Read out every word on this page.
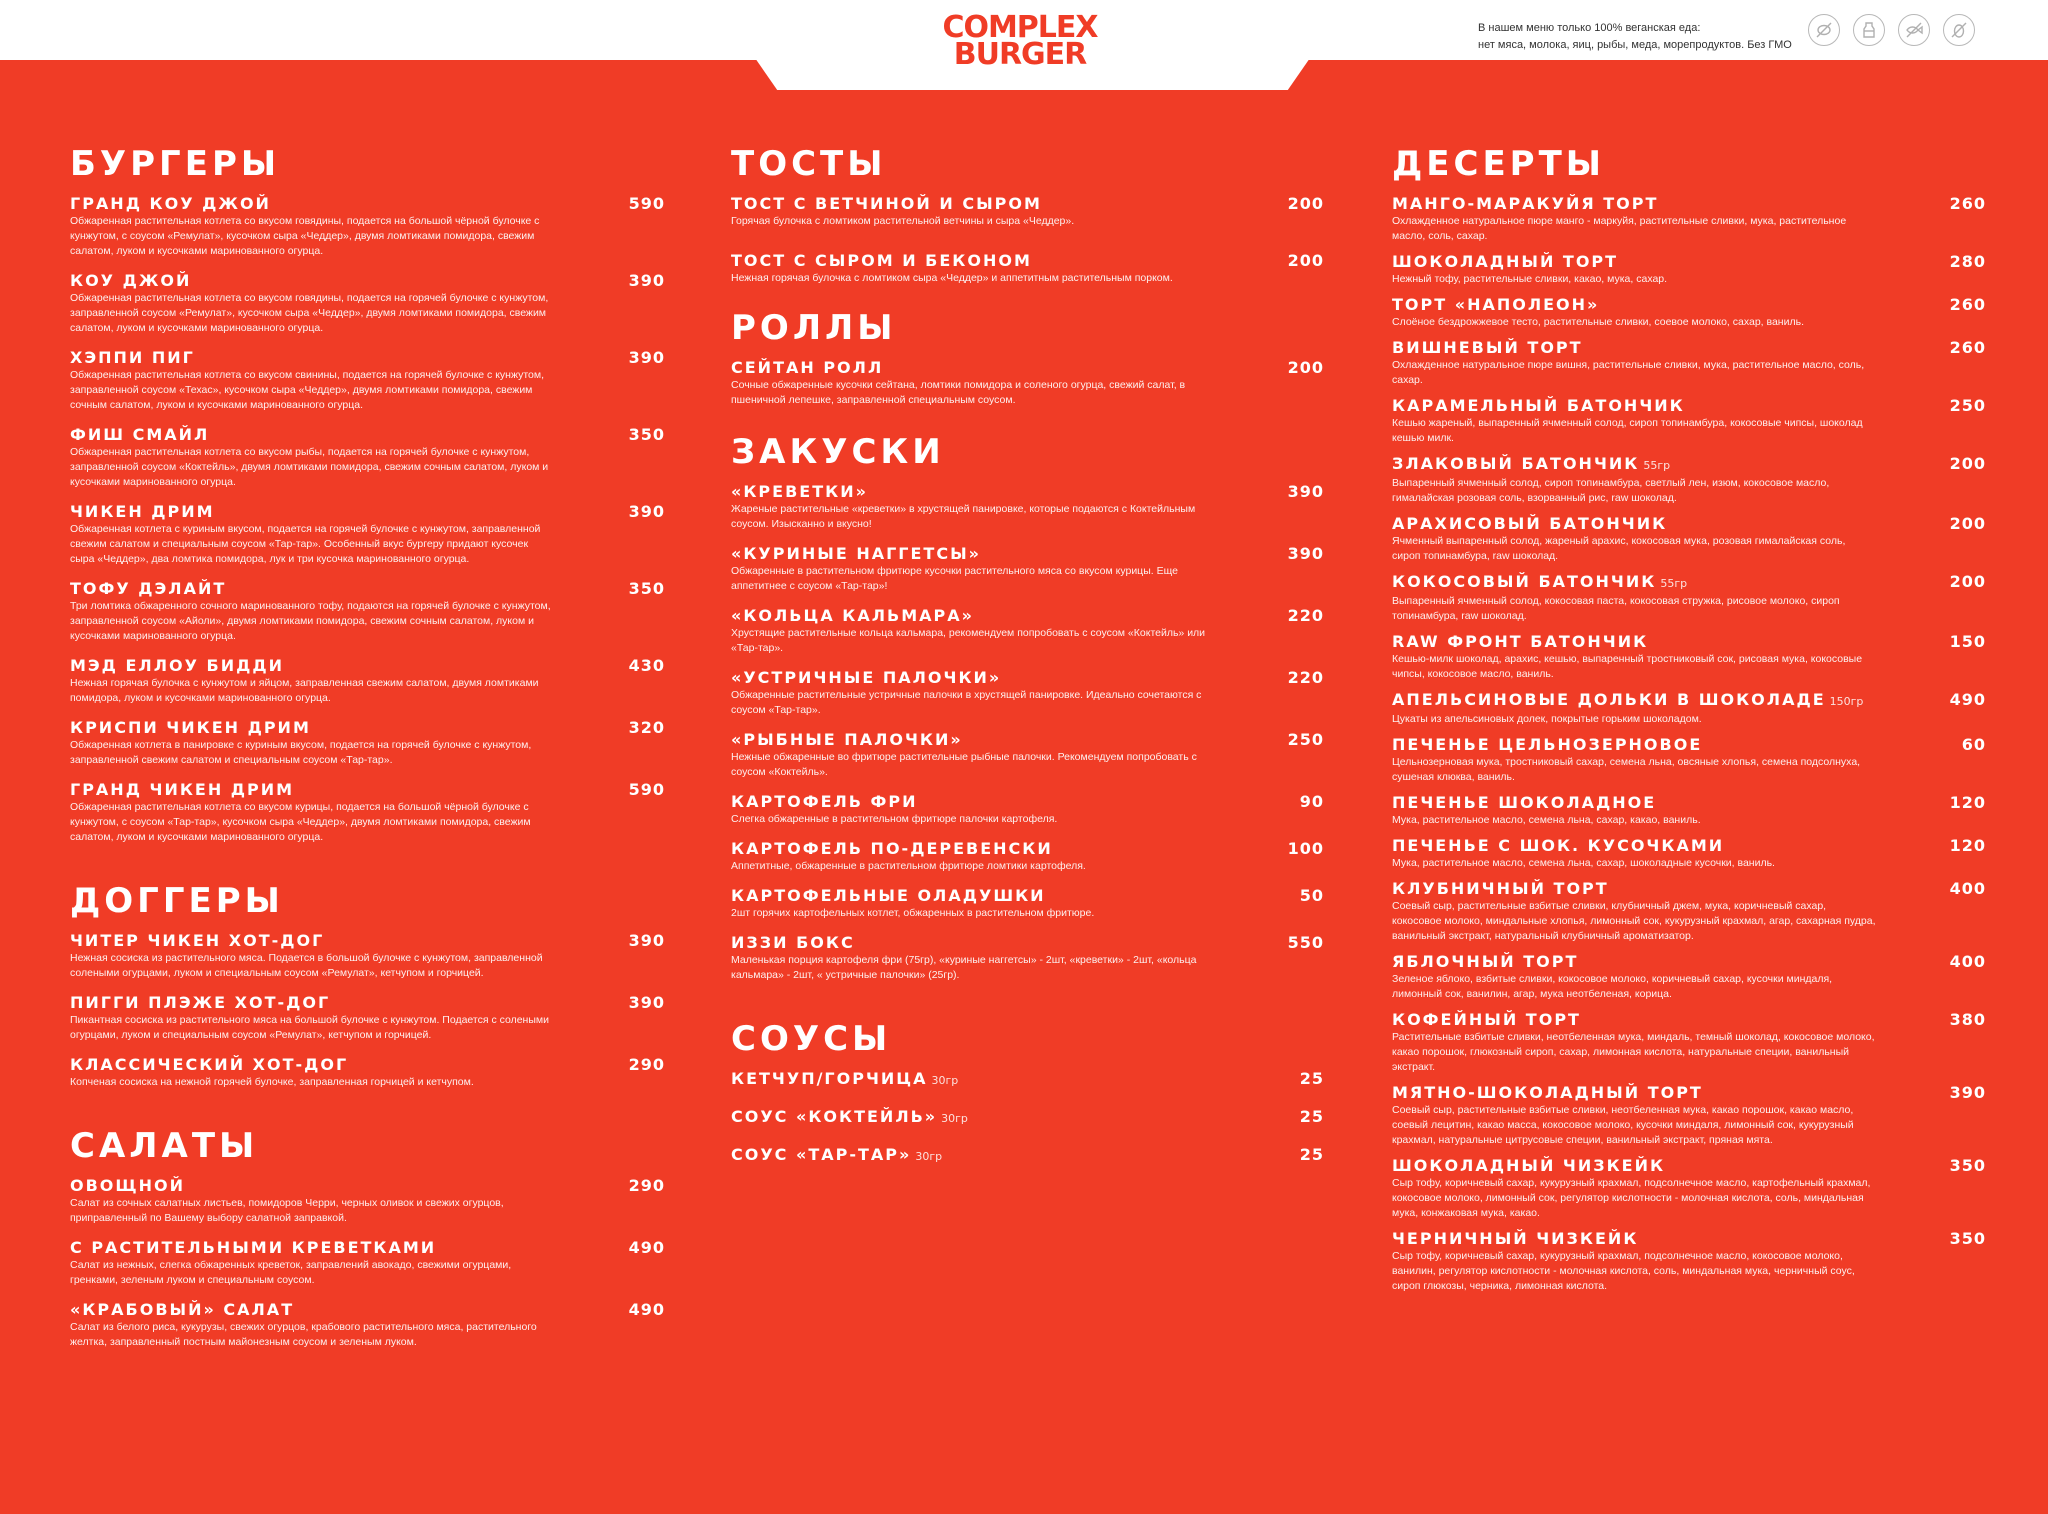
COMPLEX
BURGER
В нашем меню только 100% веганская еда:
нет мяса, молока, яиц, рыбы, меда, морепродуктов. Без ГМО
БУРГЕРЫ
ГРАНД КОУ ДЖОЙ	590
Обжаренная растительная котлета со вкусом говядины, подается на большой чёрной булочке с кунжутом, с соусом «Ремулат», кусочком сыра «Чеддер», двумя ломтиками помидора, свежим салатом, луком и кусочками маринованного огурца.
КОУ ДЖОЙ	390
Обжаренная растительная котлета со вкусом говядины, подается на горячей булочке с кунжутом, заправленной соусом «Ремулат», кусочком сыра «Чеддер», двумя ломтиками помидора, свежим салатом, луком и кусочками маринованного огурца.
ХЭППИ ПИГ	390
Обжаренная растительная котлета со вкусом свинины, подается на горячей булочке с кунжутом, заправленной соусом «Техас», кусочком сыра «Чеддер», двумя ломтиками помидора, свежим сочным салатом, луком и кусочками маринованного огурца.
ФИШ СМАЙЛ	350
Обжаренная растительная котлета со вкусом рыбы, подается на горячей булочке с кунжутом, заправленной соусом «Коктейль», двумя ломтиками помидора, свежим сочным салатом, луком и кусочками маринованного огурца.
ЧИКЕН ДРИМ	390
Обжаренная котлета с куриным вкусом, подается на горячей булочке с кунжутом, заправленной свежим салатом и специальным соусом «Тар-тар». Особенный вкус бургеру придают кусочек сыра «Чеддер», два ломтика помидора, лук и три кусочка маринованного огурца.
ТОФУ ДЭЛАЙТ	350
Три ломтика обжаренного сочного маринованного тофу, подаются на горячей булочке с кунжутом, заправленной соусом «Айоли», двумя ломтиками помидора, свежим сочным салатом, луком и кусочками маринованного огурца.
МЭД ЕЛЛОУ БИДДИ	430
Нежная горячая булочка с кунжутом и яйцом, заправленная свежим салатом, двумя ломтиками помидора, луком и кусочками маринованного огурца.
КРИСПИ ЧИКЕН ДРИМ	320
Обжаренная котлета в панировке с куриным вкусом, подается на горячей булочке с кунжутом, заправленной свежим салатом и специальным соусом «Тар-тар».
ГРАНД ЧИКЕН ДРИМ	590
Обжаренная растительная котлета со вкусом курицы, подается на большой чёрной булочке с кунжутом, с соусом «Тар-тар», кусочком сыра «Чеддер», двумя ломтиками помидора, свежим салатом, луком и кусочками маринованного огурца.
ДОГГЕРЫ
ЧИТЕР ЧИКЕН ХОТ-ДОГ	390
Нежная сосиска из растительного мяса. Подается в большой булочке с кунжутом, заправленной солеными огурцами, луком и специальным соусом «Ремулат», кетчупом и горчицей.
ПИГГИ ПЛЭЖЕ ХОТ-ДОГ	390
Пикантная сосиска из растительного мяса на большой булочке с кунжутом. Подается с солеными огурцами, луком и специальным соусом «Ремулат», кетчупом и горчицей.
КЛАССИЧЕСКИЙ ХОТ-ДОГ	290
Копченая сосиска на нежной горячей булочке, заправленная горчицей и кетчупом.
САЛАТЫ
ОВОЩНОЙ	290
Салат из сочных салатных листьев, помидоров Черри, черных оливок и свежих огурцов, приправленный по Вашему выбору салатной заправкой.
С РАСТИТЕЛЬНЫМИ КРЕВЕТКАМИ	490
Салат из нежных, слегка обжаренных креветок, заправлений авокадо, свежими огурцами, гренками, зеленым луком и специальным соусом.
«КРАБОВЫЙ» САЛАТ	490
Салат из белого риса, кукурузы, свежих огурцов, крабового растительного мяса, растительного желтка, заправленный постным майонезным соусом и зеленым луком.
ТОСТЫ
ТОСТ С ВЕТЧИНОЙ И СЫРОМ	200
Горячая булочка с ломтиком растительной ветчины и сыра «Чеддер».
ТОСТ С СЫРОМ И БЕКОНОМ	200
Нежная горячая булочка с ломтиком сыра «Чеддер» и аппетитным растительным порком.
РОЛЛЫ
СЕЙТАН РОЛЛ	200
Сочные обжаренные кусочки сейтана, ломтики помидора и соленого огурца, свежий салат, в пшеничной лепешке, заправленной специальным соусом.
ЗАКУСКИ
«КРЕВЕТКИ»	390
Жареные растительные «креветки» в хрустящей панировке, которые подаются с Коктейльным соусом. Изысканно и вкусно!
«КУРИНЫЕ НАГГЕТСЫ»	390
Обжаренные в растительном фритюре кусочки растительного мяса со вкусом курицы. Еще аппетитнее с соусом «Тар-тар»!
«КОЛЬЦА КАЛЬМАРА»	220
Хрустящие растительные кольца кальмара, рекомендуем попробовать с соусом «Коктейль» или «Тар-тар».
«УСТРИЧНЫЕ ПАЛОЧКИ»	220
Обжаренные растительные устричные палочки в хрустящей панировке. Идеально сочетаются с соусом «Тар-тар».
«РЫБНЫЕ ПАЛОЧКИ»	250
Нежные обжаренные во фритюре растительные рыбные палочки. Рекомендуем попробовать с соусом «Коктейль».
КАРТОФЕЛЬ ФРИ	90
Слегка обжаренные в растительном фритюре палочки картофеля.
КАРТОФЕЛЬ ПО-ДЕРЕВЕНСКИ	100
Аппетитные, обжаренные в растительном фритюре ломтики картофеля.
КАРТОФЕЛЬНЫЕ ОЛАДУШКИ	50
2шт горячих картофельных котлет, обжаренных в растительном фритюре.
ИЗЗИ БОКС	550
Маленькая порция картофеля фри (75гр), «куриные наггетсы» - 2шт, «креветки» - 2шт, «кольца кальмара» - 2шт, « устричные палочки» (25гр).
СОУСЫ
КЕТЧУП/ГОРЧИЦА 30гр	25
СОУС «КОКТЕЙЛЬ» 30гр	25
СОУС «ТАР-ТАР» 30гр	25
ДЕСЕРТЫ
МАНГО-МАРАКУЙЯ ТОРТ	260
Охлажденное натуральное пюре манго - маркуйя, растительные сливки, мука, растительное масло, соль, сахар.
ШОКОЛАДНЫЙ ТОРТ	280
Нежный тофу, растительные сливки, какао, мука, сахар.
ТОРТ «НАПОЛЕОН»	260
Слоёное бездрожжевое тесто, растительные сливки, соевое молоко, сахар, ваниль.
ВИШНЕВЫЙ ТОРТ	260
Охлажденное натуральное пюре вишня, растительные сливки, мука, растительное масло, соль, сахар.
КАРАМЕЛЬНЫЙ БАТОНЧИК	250
Кешью жареный, выпаренный ячменный солод, сироп топинамбура, кокосовые чипсы, шоколад кешью милк.
ЗЛАКОВЫЙ БАТОНЧИК 55гр	200
Выпаренный ячменный солод, сироп топинамбура, светлый лен, изюм, кокосовое масло, гималайская розовая соль, взорванный рис, raw шоколад.
АРАХИСОВЫЙ БАТОНЧИК	200
Ячменный выпаренный солод, жареный арахис, кокосовая мука, розовая гималайская соль, сироп топинамбура, raw шоколад.
КОКОСОВЫЙ БАТОНЧИК 55гр	200
Выпаренный ячменный солод, кокосовая паста, кокосовая стружка, рисовое молоко, сироп топинамбура, raw шоколад.
RAW ФРОНТ БАТОНЧИК	150
Кешью-милк шоколад, арахис, кешью, выпаренный тростниковый сок, рисовая мука, кокосовые чипсы, кокосовое масло, ваниль.
АПЕЛЬСИНОВЫЕ ДОЛЬКИ В ШОКОЛАДЕ 150гр	490
Цукаты из апельсиновых долек, покрытые горьким шоколадом.
ПЕЧЕНЬЕ ЦЕЛЬНОЗЕРНОВОЕ	60
Цельнозерновая мука, тростниковый сахар, семена льна, овсяные хлопья, семена подсолнуха, сушеная клюква, ваниль.
ПЕЧЕНЬЕ ШОКОЛАДНОЕ	120
Мука, растительное масло, семена льна, сахар, какао, ваниль.
ПЕЧЕНЬЕ С ШОК. КУСОЧКАМИ	120
Мука, растительное масло, семена льна, сахар, шоколадные кусочки, ваниль.
КЛУБНИЧНЫЙ ТОРТ	400
Соевый сыр, растительные взбитые сливки, клубничный джем, мука, коричневый сахар, кокосовое молоко, миндальные хлопья, лимонный сок, кукурузный крахмал, агар, сахарная пудра, ванильный экстракт, натуральный клубничный ароматизатор.
ЯБЛОЧНЫЙ ТОРТ	400
Зеленое яблоко, взбитые сливки, кокосовое молоко, коричневый сахар, кусочки миндаля, лимонный сок, ванилин, агар, мука неотбеленая, корица.
КОФЕЙНЫЙ ТОРТ	380
Растительные взбитые сливки, неотбеленная мука, миндаль, темный шоколад, кокосовое молоко, какао порошок, глюкозный сироп, сахар, лимонная кислота, натуральные специи, ванильный экстракт.
МЯТНО-ШОКОЛАДНЫЙ ТОРТ	390
Соевый сыр, растительные взбитые сливки, неотбеленная мука, какао порошок, какао масло, соевый лецитин, какао масса, кокосовое молоко, кусочки миндаля, лимонный сок, кукурузный крахмал, натуральные цитрусовые специи, ванильный экстракт, пряная мята.
ШОКОЛАДНЫЙ ЧИЗКЕЙК	350
Сыр тофу, коричневый сахар, кукурузный крахмал, подсолнечное масло, картофельный крахмал, кокосовое молоко, лимонный сок, регулятор кислотности - молочная кислота, соль, миндальная мука, конжаковая мука, какао.
ЧЕРНИЧНЫЙ ЧИЗКЕЙК	350
Сыр тофу, коричневый сахар, кукурузный крахмал, подсолнечное масло, кокосовое молоко, ванилин, регулятор кислотности - молочная кислота, соль, миндальная мука, черничный соус, сироп глюкозы, черника, лимонная кислота.
